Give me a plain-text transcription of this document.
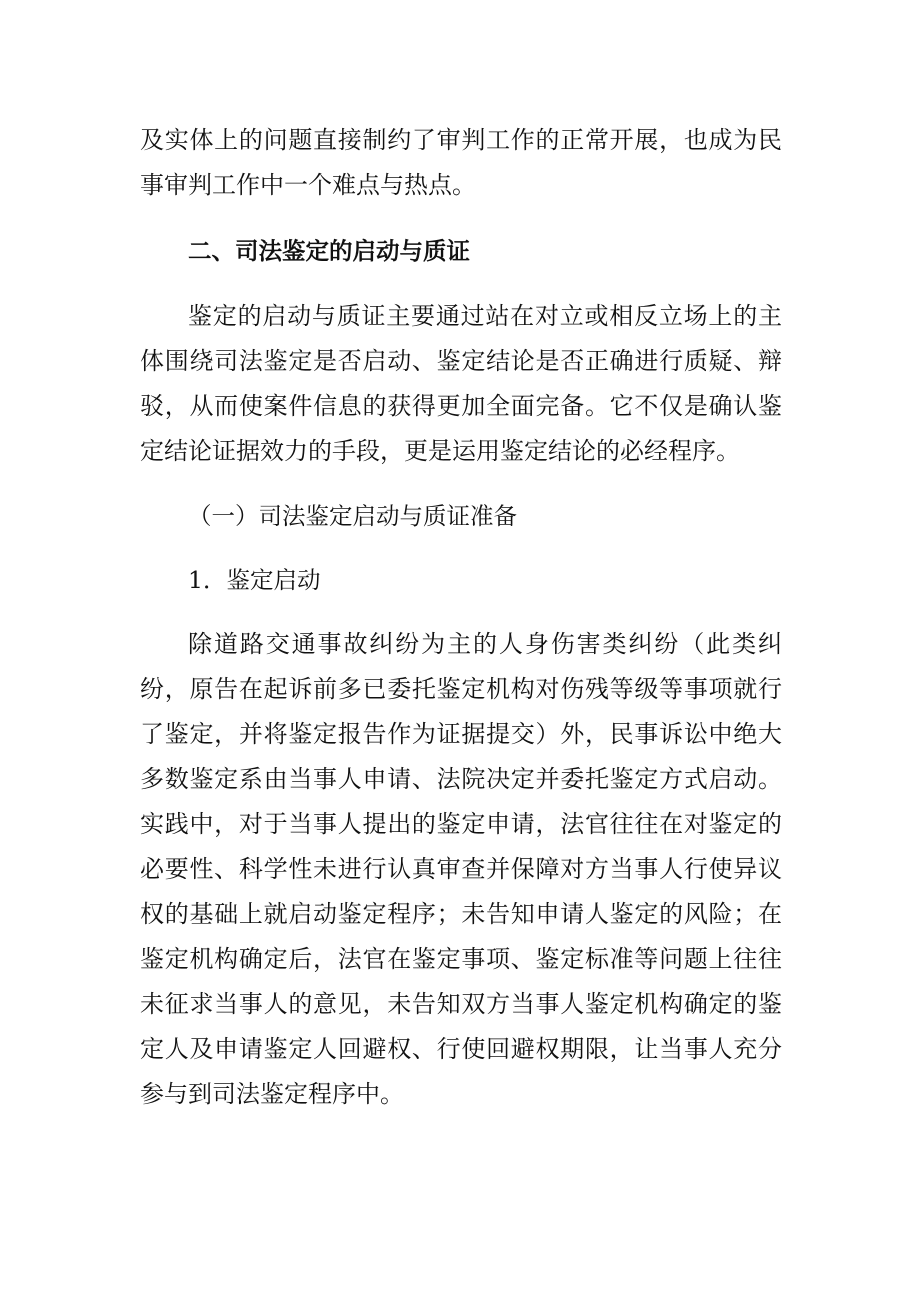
及实体上的问题直接制约了审判工作的正常开展，也成为民事审判工作中一个难点与热点。

二、司法鉴定的启动与质证

鉴定的启动与质证主要通过站在对立或相反立场上的主体围绕司法鉴定是否启动、鉴定结论是否正确进行质疑、辩驳，从而使案件信息的获得更加全面完备。它不仅是确认鉴定结论证据效力的手段，更是运用鉴定结论的必经程序。

（一）司法鉴定启动与质证准备

1．鉴定启动

除道路交通事故纠纷为主的人身伤害类纠纷（此类纠纷，原告在起诉前多已委托鉴定机构对伤残等级等事项就行了鉴定，并将鉴定报告作为证据提交）外，民事诉讼中绝大多数鉴定系由当事人申请、法院决定并委托鉴定方式启动。实践中，对于当事人提出的鉴定申请，法官往往在对鉴定的必要性、科学性未进行认真审查并保障对方当事人行使异议权的基础上就启动鉴定程序；未告知申请人鉴定的风险；在鉴定机构确定后，法官在鉴定事项、鉴定标准等问题上往往未征求当事人的意见，未告知双方当事人鉴定机构确定的鉴定人及申请鉴定人回避权、行使回避权期限，让当事人充分参与到司法鉴定程序中。
